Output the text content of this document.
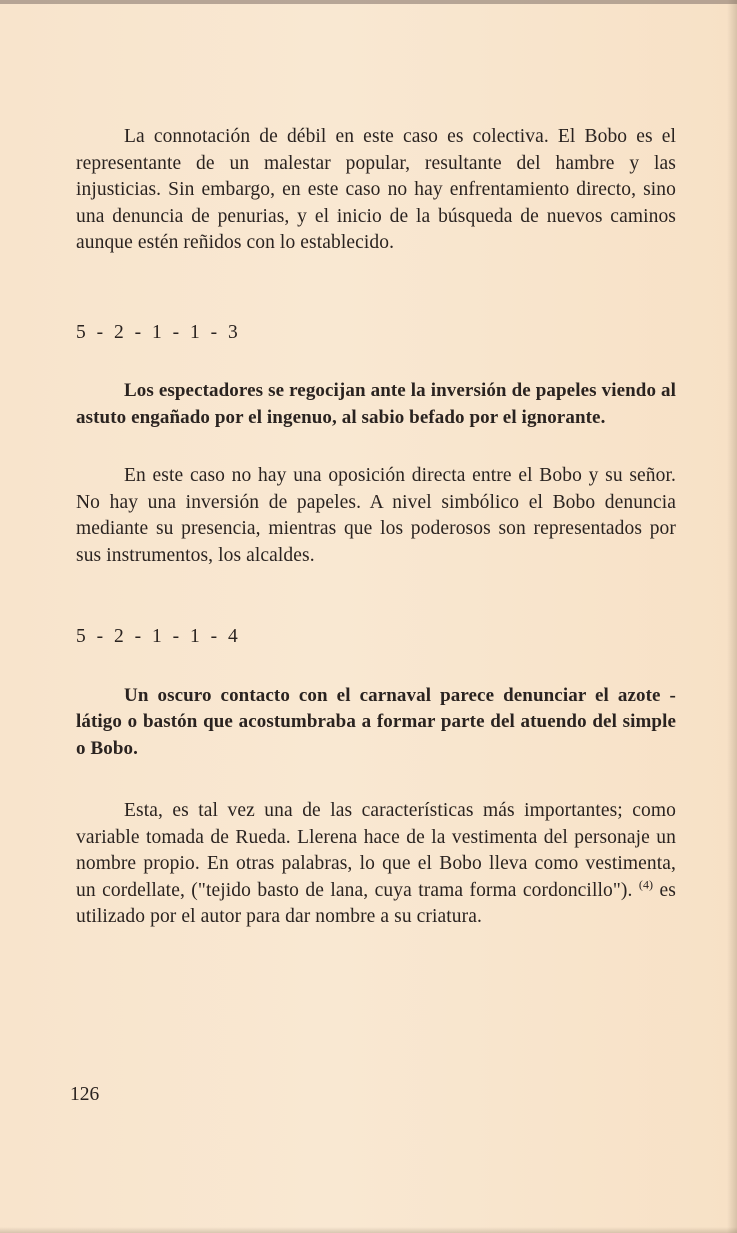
La connotación de débil en este caso es colectiva. El Bobo es el representante de un malestar popular, resultante del hambre y las injusticias. Sin embargo, en este caso no hay enfrentamiento directo, sino una denuncia de penurias, y el inicio de la búsqueda de nuevos caminos aunque estén reñidos con lo establecido.

5 - 2 - 1 - 1 - 3

Los espectadores se regocijan ante la inversión de papeles viendo al astuto engañado por el ingenuo, al sabio befado por el ignorante.

En este caso no hay una oposición directa entre el Bobo y su señor. No hay una inversión de papeles. A nivel simbólico el Bobo denuncia mediante su presencia, mientras que los poderosos son representados por sus instrumentos, los alcaldes.

5 - 2 - 1 - 1 - 4

Un oscuro contacto con el carnaval parece denunciar el azote - látigo o bastón que acostumbraba a formar parte del atuendo del simple o Bobo.

Esta, es tal vez una de las características más importantes; como variable tomada de Rueda. Llerena hace de la vestimenta del personaje un nombre propio. En otras palabras, lo que el Bobo lleva como vestimenta, un cordellate, ("tejido basto de lana, cuya trama forma cordoncillo"). $^{(4)}$ es utilizado por el autor para dar nombre a su criatura.

126
